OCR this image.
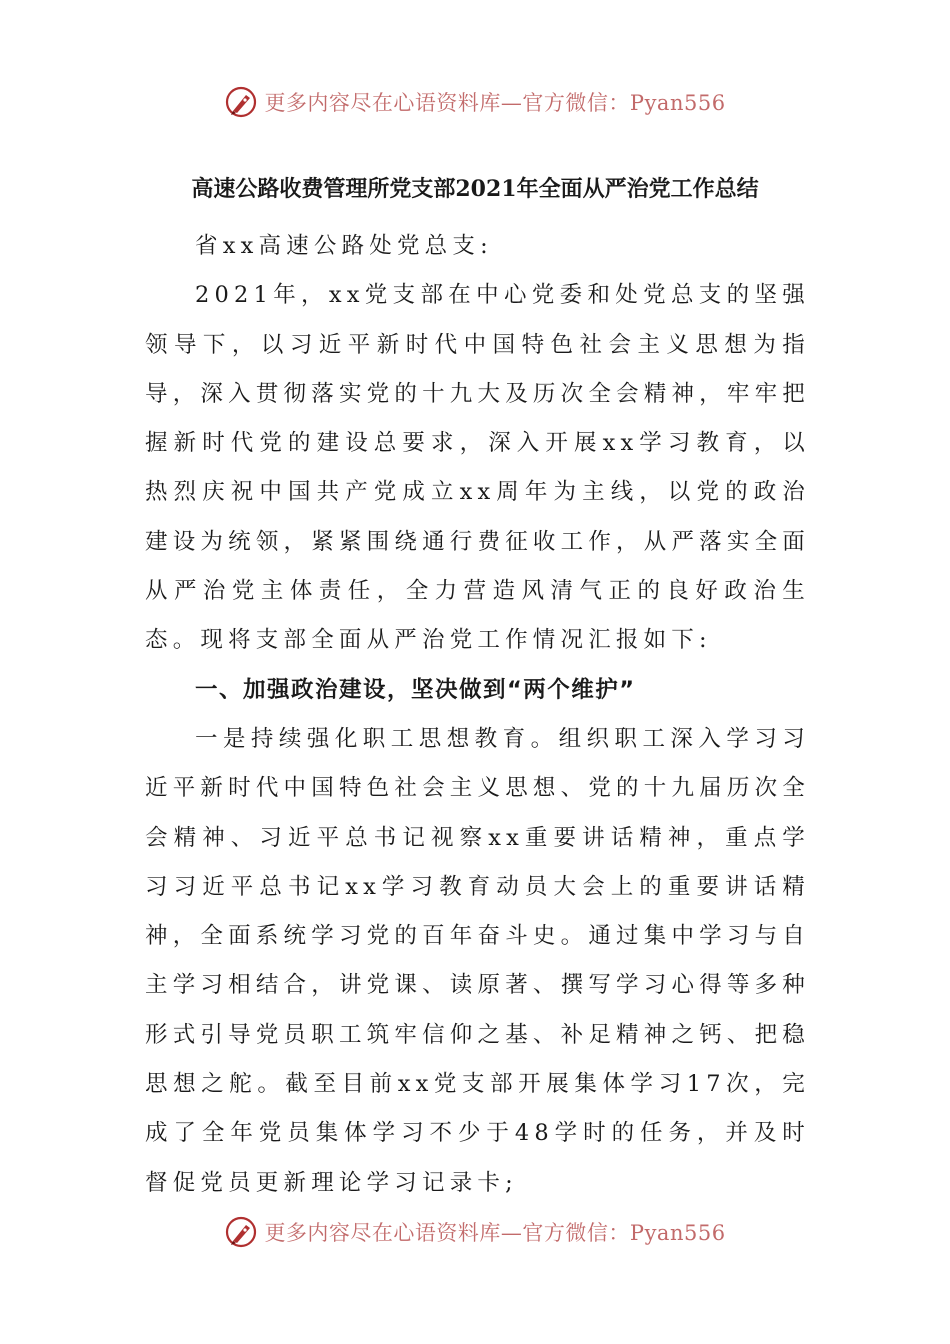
更多内容尽在心语资料库—官方微信：Pyan556
高速公路收费管理所党支部2021年全面从严治党工作总结

省xx高速公路处党总支:

2021年，xx党支部在中心党委和处党总支的坚强领导下，以习近平新时代中国特色社会主义思想为指导，深入贯彻落实党的十九大及历次全会精神，牢牢把握新时代党的建设总要求，深入开展xx学习教育，以热烈庆祝中国共产党成立xx周年为主线，以党的政治建设为统领，紧紧围绕通行费征收工作，从严落实全面从严治党主体责任，全力营造风清气正的良好政治生态。现将支部全面从严治党工作情况汇报如下:

一、加强政治建设，坚决做到“两个维护”

一是持续强化职工思想教育。组织职工深入学习习近平新时代中国特色社会主义思想、党的十九届历次全会精神、习近平总书记视察xx重要讲话精神，重点学习习近平总书记xx学习教育动员大会上的重要讲话精神，全面系统学习党的百年奋斗史。通过集中学习与自主学习相结合，讲党课、读原著、撰写学习心得等多种形式引导党员职工筑牢信仰之基、补足精神之钙、把稳思想之舵。截至目前xx党支部开展集体学习17次，完成了全年党员集体学习不少于48学时的任务，并及时督促党员更新理论学习记录卡;

更多内容尽在心语资料库—官方微信：Pyan556
